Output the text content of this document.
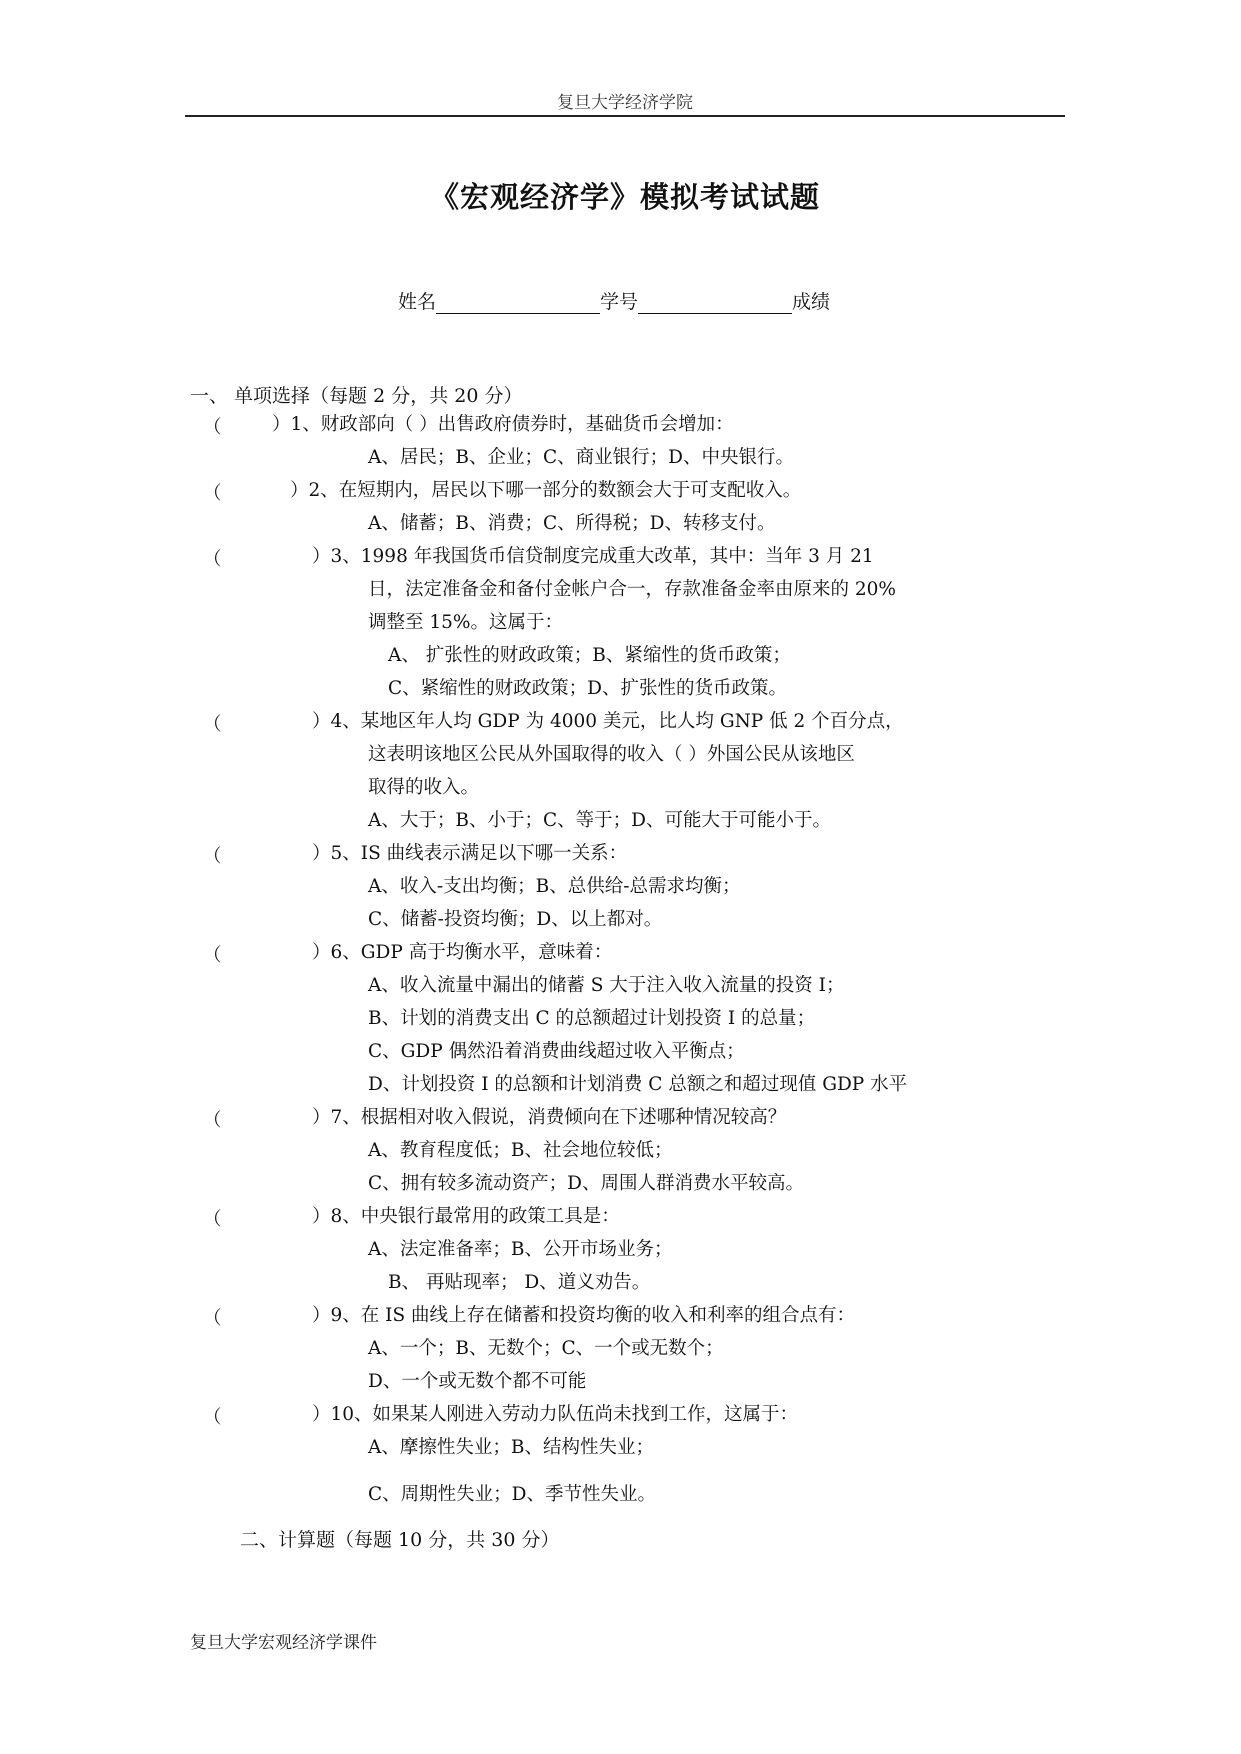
复旦大学经济学院
《宏观经济学》模拟考试试题
姓名	学号	成绩
一、 单项选择（每题 2 分，共 20 分）
（	）1、财政部向（ ）出售政府债券时，基础货币会增加：
A、居民；B、企业；C、商业银行；D、中央银行。
（	）2、在短期内，居民以下哪一部分的数额会大于可支配收入。
A、储蓄；B、消费；C、所得税；D、转移支付。
（	）3、1998 年我国货币信贷制度完成重大改革，其中：当年 3 月 21
日，法定准备金和备付金帐户合一，存款准备金率由原来的 20%
调整至 15%。这属于：
A、 扩张性的财政政策；B、紧缩性的货币政策；
C、紧缩性的财政政策；D、扩张性的货币政策。
（	）4、某地区年人均 GDP 为 4000 美元，比人均 GNP 低 2 个百分点，
这表明该地区公民从外国取得的收入（ ）外国公民从该地区
取得的收入。
A、大于；B、小于；C、等于；D、可能大于可能小于。
（	）5、IS 曲线表示满足以下哪一关系：
A、收入-支出均衡；B、总供给-总需求均衡；
C、储蓄-投资均衡；D、以上都对。
（	）6、GDP 高于均衡水平，意味着：
A、收入流量中漏出的储蓄 S 大于注入收入流量的投资 I；
B、计划的消费支出 C 的总额超过计划投资 I 的总量；
C、GDP 偶然沿着消费曲线超过收入平衡点；
D、计划投资 I 的总额和计划消费 C 总额之和超过现值 GDP 水平
（	）7、根据相对收入假说，消费倾向在下述哪种情况较高？
A、教育程度低；B、社会地位较低；
C、拥有较多流动资产；D、周围人群消费水平较高。
（	）8、中央银行最常用的政策工具是：
A、法定准备率；B、公开市场业务；
B、 再贴现率； D、道义劝告。
（	）9、在 IS 曲线上存在储蓄和投资均衡的收入和利率的组合点有：
A、一个；B、无数个；C、一个或无数个；
D、一个或无数个都不可能
（	）10、如果某人刚进入劳动力队伍尚未找到工作，这属于：
A、摩擦性失业；B、结构性失业；
C、周期性失业；D、季节性失业。
二、计算题（每题 10 分，共 30 分）
复旦大学宏观经济学课件
